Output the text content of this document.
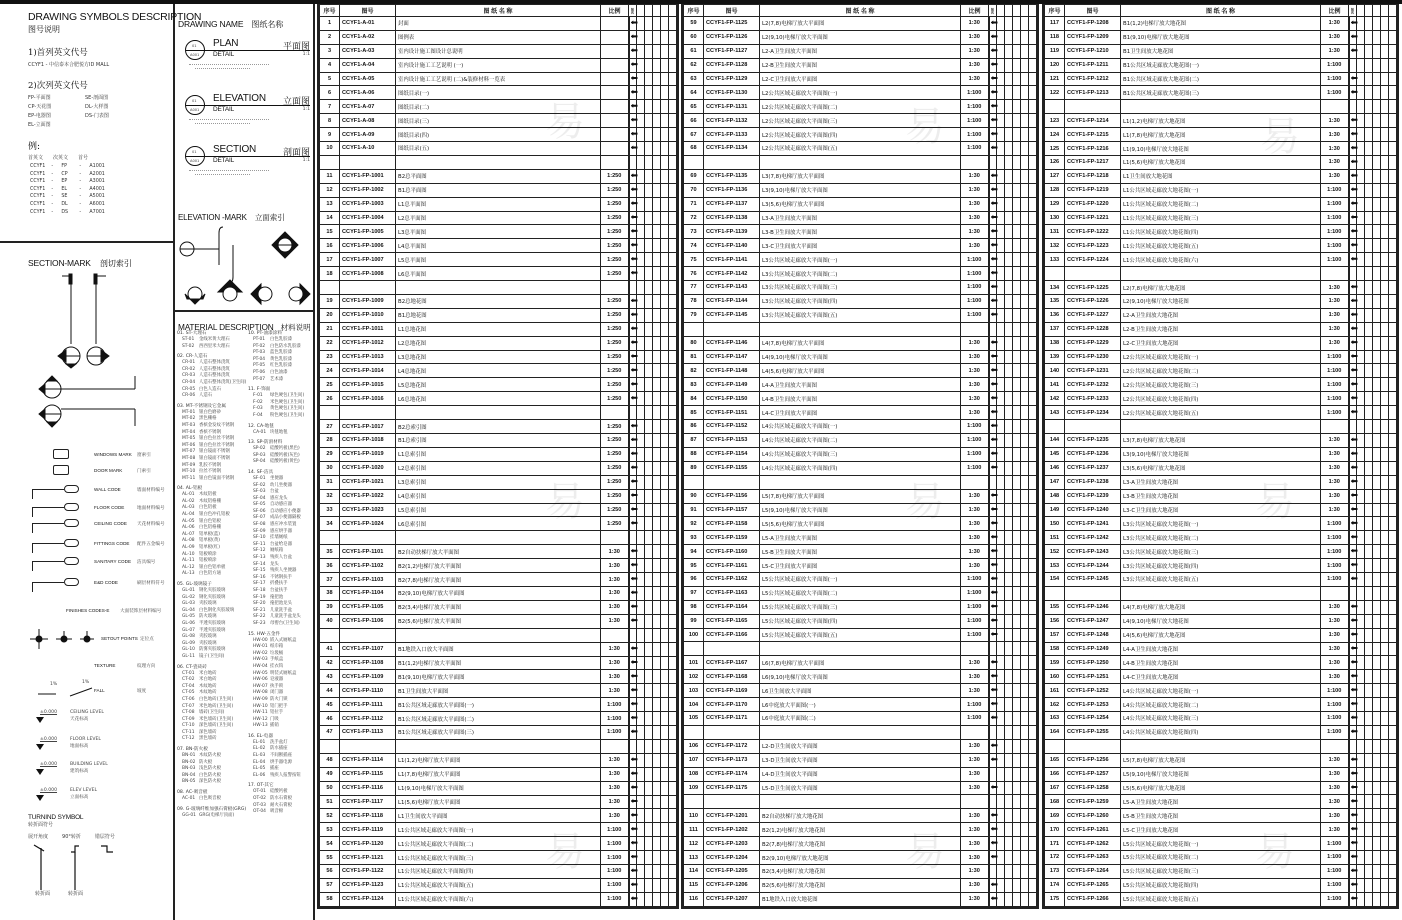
DRAWING SYMBOLS DESCRIPTION
图号说明
1)首列英文代号
CCYF1 - 中信泰本合肥悦方ID MALL
2)次列英文代号
FP-平面图	SE-剖面图
CP-天花图	DL-大样图
EP-电器图	DS-门表图
EL-立面图
例:
首英文 次英文 首号
CCYF1 -	FP	-	A1001
CCYF1 -	CP	-	A2001
CCYF1 -	EP	-	A3001
CCYF1 -	EL	-	A4001
CCYF1 -	SE	-	A5001
CCYF1 -	DL	-	A6001
CCYF1 -	DS	-	A7001
SECTION-MARK 剖切索引
WINDOWS MARK 窗索引
DOOR MARK	门索引
WALL CODE	墙面材料编号
FLOOR CODE	地面材料编号
CEILING CODE 天花材料编号
FITTINGS CODE 配件五金编号
SANITARY CODE 洁具编号
E&D CODE	刷层材料符号
FINISHES CODES-E 大面装饰层材料编号
SETOUT POINTS 定位点
TEXTURE	纹理方向
1%	1%
FALL	坡度
±0.000	CEILING LEVEL
天花标高
±0.000	FLOOR LEVEL
地面标高
±0.000	BUILDING LEVEL
建筑标高
±0.000	ELEV LEVEL
立面标高
TURNIND SYMBOL
转折面符号
展开角度	90°转折	错层符号
转折面	转折面
DRAWING NAME 图纸名称
01
A001
PLAN	平面图
DETAIL	1:1
01
A001
ELEVATION 立面图
DETAIL	1:1
01
A001
SECTION	剖面图
DETAIL	1:1
ELEVATION -MARK 立面索引
MATERIAL DESCRIPTION 材料说明
01. ST-大理石
ST-01 金线米黄大理石
ST-02 西西里米大理石
02. CR-人造石
CR-01 人造石整体浇筑
CR-02 人造石整体浇筑
CR-03 人造石整体浇筑
CR-04 人造石整体浇筑(卫生间)
CR-05 白色人造石
CR-06 人造石
03. MT-不锈钢及它金属
MT-01 银白色磨砂
MT-02 黑色栅格
MT-03 香槟金发纹不锈钢
MT-04 香槟不锈钢
MT-05 银白色拉丝不锈钢
MT-06 银白色拉丝不锈钢
MT-07 银白镜面不锈钢
MT-08 银白镜面不锈钢
MT-09 乳胶不锈钢
MT-10 拉丝不锈钢
MT-11 银白色镜面不锈钢
04. AL-铝板
AL-01 木纹铝板
AL-02 木纹铝格栅
AL-03 白色铝板
AL-04 银白色冲孔铝板
AL-05 银白色铝板
AL-06 白色铝格栅
AL-07 铝单板(蓝)
AL-08 铝单板(黄)
AL-09 铝单板(红)
AL-10 铝板喷涂
AL-11 铝板喷涂
AL-12 银白色铝单板
AL-13 白色铝方通
05. GL-玻璃镜子
GL-01 钢化夹胶玻璃
GL-02 钢化夹胶玻璃
GL-03 夹胶玻璃
GL-04 白色钢化夹胶玻璃
GL-05 防火玻璃
GL-06 半透夹胶玻璃
GL-07 半透夹胶玻璃
GL-08 夹胶玻璃
GL-09 夹胶玻璃
GL-10 防雾夹胶玻璃
GL-11 镜子(卫生间)
06. CT-瓷砖砖
CT-01 米白地砖
CT-02 米白地砖
CT-04 木纹地砖
CT-05 木纹地砖
CT-06 白色地砖(卫生间)
CT-07 米色地砖(卫生间)
CT-08 墙砖(卫生间)
CT-09 米色墙砖(卫生间)
CT-10 深色墙砖(卫生间)
CT-11 深色墙砖
CT-12 黑色墙砖
07. BN-防火板
BN-01 木纹防火板
BN-02 防火板
BN-03 浅色防火板
BN-04 白色防火板
BN-05 深色防火板
08. AC-吸音板
AC-01 白色吸音板
09. G-玻璃纤维加强石膏板(GRG)
GG-01 GRG(电梯厅顶面)
10. PT-油漆涂料
PT-01 白色乳胶漆
PT-02 白色防水乳胶漆
PT-03 蓝色乳胶漆
PT-04 黄色乳胶漆
PT-05 红色乳胶漆
PT-06 白色油漆
PT-07 艺术漆
11. F-饰面
F-01 绿色硬包(卫生间)
F-02 米色硬包(卫生间)
F-03 黄色硬包(卫生间)
F-04 粉色硬包(卫生间)
12. CA-地毯
CA-01 块毯地毯
13. SP-防滑材料
SP-02 硅酸钙板(黑色)
SP-03 硅酸钙板(灰色)
SP-04 硅酸钙板(黄色)
14. SF-洁具
SF-01 坐便器
SF-02 幼儿坐便器
SF-03 台盆
SF-04 感应龙头
SF-05 自动感应器
SF-06 自动感应小便器
SF-07 成品小便器隔板
SF-08 感应冲水装置
SF-09 感应烘手器
SF-10 挂墙厕纸
SF-11 台盆给皂器
SF-12 厕纸箱
SF-13 残疾人台盆
SF-14 龙头
SF-15 残疾人坐便器
SF-16 不锈钢扶手
SF-17 折叠扶手
SF-18 台盆扶手
SF-19 拖把池
SF-20 拖把池龙头
SF-21 儿童洗手盆
SF-22 儿童洗手盆龙头
SF-23 母婴台(卫生间)
15. HW-五金件
HW-00 嵌入式厕纸盒
HW-01 纸巾箱
HW-02 垃圾桶
HW-03 手纸盒
HW-04 挂衣钩
HW-05 明装式厕纸盒
HW-06 皂液器
HW-07 执手锁
HW-08 闭门器
HW-09 防火门锁
HW-10 铝门把手
HW-11 铝拉手
HW-12 门吸
HW-13 插销
16. EL-电器
EL-01 洗手盆灯
EL-02 防水插座
EL-03 不间断插座
EL-04 烘手器电源
EL-05 插座
EL-06 残疾人报警按钮
17. OT-其它
OT-01 硅酸钙板
OT-02 防水石膏板
OT-03 耐火石膏板
OT-04 吸音棉
序号	图号	图 纸 名 称	比例	版次					
1	CCYF1-A-01	封面							
2	CCYF1-A-02	图例表							
3	CCYF1-A-03	室内设计施工图设计总说明							
4	CCYF1-A-04	室内设计施工工艺说明 (一)							
5	CCYF1-A-05	室内设计施工工艺说明 (二)&装修材料一览表							
6	CCYF1-A-06	图纸目录(一)							
7	CCYF1-A-07	图纸目录(二)							
8	CCYF1-A-08	图纸目录(三)							
9	CCYF1-A-09	图纸目录(四)							
10	CCYF1-A-10	图纸目录(五)							

11	CCYF1-FP-1001	B2总平面图	1:250						
12	CCYF1-FP-1002	B1总平面图	1:250						
13	CCYF1-FP-1003	L1总平面图	1:250						
14	CCYF1-FP-1004	L2总平面图	1:250						
15	CCYF1-FP-1005	L3总平面图	1:250						
16	CCYF1-FP-1006	L4总平面图	1:250						
17	CCYF1-FP-1007	L5总平面图	1:250						
18	CCYF1-FP-1008	L6总平面图	1:250						

19	CCYF1-FP-1009	B2总地花图	1:250						
20	CCYF1-FP-1010	B1总地花图	1:250						
21	CCYF1-FP-1011	L1总地花图	1:250						
22	CCYF1-FP-1012	L2总地花图	1:250						
23	CCYF1-FP-1013	L3总地花图	1:250						
24	CCYF1-FP-1014	L4总地花图	1:250						
25	CCYF1-FP-1015	L5总地花图	1:250						
26	CCYF1-FP-1016	L6总地花图	1:250						

27	CCYF1-FP-1017	B2总索引图	1:250						
28	CCYF1-FP-1018	B1总索引图	1:250						
29	CCYF1-FP-1019	L1总索引图	1:250						
30	CCYF1-FP-1020	L2总索引图	1:250						
31	CCYF1-FP-1021	L3总索引图	1:250						
32	CCYF1-FP-1022	L4总索引图	1:250						
33	CCYF1-FP-1023	L5总索引图	1:250						
34	CCYF1-FP-1024	L6总索引图	1:250						

35	CCYF1-FP-1101	B2自动扶梯厅放大平面图	1:30						
36	CCYF1-FP-1102	B2(1,2)电梯厅放大平面图	1:30						
37	CCYF1-FP-1103	B2(7,8)电梯厅放大平面图	1:30						
38	CCYF1-FP-1104	B2(9,10)电梯厅放大平面图	1:30						
39	CCYF1-FP-1105	B2(3,4)电梯厅放大平面图	1:30						
40	CCYF1-FP-1106	B2(5,6)电梯厅放大平面图	1:30						

41	CCYF1-FP-1107	B1地铁入口放大平面图	1:30						
42	CCYF1-FP-1108	B1(1,2)电梯厅放大平面图	1:30						
43	CCYF1-FP-1109	B1(9,10)电梯厅放大平面图	1:30						
44	CCYF1-FP-1110	B1卫生间放大平面图	1:30						
45	CCYF1-FP-1111	B1公共区域走廊放大平面图(一)	1:100						
46	CCYF1-FP-1112	B1公共区域走廊放大平面图(二)	1:100						
47	CCYF1-FP-1113	B1公共区域走廊放大平面图(三)	1:100						

48	CCYF1-FP-1114	L1(1,2)电梯厅放大平面图	1:30						
49	CCYF1-FP-1115	L1(7,8)电梯厅放大平面图	1:30						
50	CCYF1-FP-1116	L1(9,10)电梯厅放大平面图	1:30						
51	CCYF1-FP-1117	L1(5,6)电梯厅放大平面图	1:30						
52	CCYF1-FP-1118	L1卫生间放大平面图	1:30						
53	CCYF1-FP-1119	L1公共区域走廊放大平面图(一)	1:100						
54	CCYF1-FP-1120	L1公共区域走廊放大平面图(二)	1:100						
55	CCYF1-FP-1121	L1公共区域走廊放大平面图(三)	1:100						
56	CCYF1-FP-1122	L1公共区域走廊放大平面图(四)	1:100						
57	CCYF1-FP-1123	L1公共区域走廊放大平面图(五)	1:100						
58	CCYF1-FP-1124	L1公共区域走廊放大平面图(六)	1:100						
序号	图号	图 纸 名 称	比例	版次					
59	CCYF1-FP-1125	L2(7,8)电梯厅放大平面图	1:30						
60	CCYF1-FP-1126	L2(9,10)电梯厅放大平面图	1:30						
61	CCYF1-FP-1127	L2-A卫生间放大平面图	1:30						
62	CCYF1-FP-1128	L2-B卫生间放大平面图	1:30						
63	CCYF1-FP-1129	L2-C卫生间放大平面图	1:30						
64	CCYF1-FP-1130	L2公共区域走廊放大平面图(一)	1:100						
65	CCYF1-FP-1131	L2公共区域走廊放大平面图(二)	1:100						
66	CCYF1-FP-1132	L2公共区域走廊放大平面图(三)	1:100						
67	CCYF1-FP-1133	L2公共区域走廊放大平面图(四)	1:100						
68	CCYF1-FP-1134	L2公共区域走廊放大平面图(五)	1:100						

69	CCYF1-FP-1135	L3(7,8)电梯厅放大平面图	1:30						
70	CCYF1-FP-1136	L3(9,10)电梯厅放大平面图	1:30						
71	CCYF1-FP-1137	L3(5,6)电梯厅放大平面图	1:30						
72	CCYF1-FP-1138	L3-A卫生间放大平面图	1:30						
73	CCYF1-FP-1139	L3-B卫生间放大平面图	1:30						
74	CCYF1-FP-1140	L3-C卫生间放大平面图	1:30						
75	CCYF1-FP-1141	L3公共区域走廊放大平面图(一)	1:100						
76	CCYF1-FP-1142	L3公共区域走廊放大平面图(二)	1:100						
77	CCYF1-FP-1143	L3公共区域走廊放大平面图(三)	1:100						
78	CCYF1-FP-1144	L3公共区域走廊放大平面图(四)	1:100						
79	CCYF1-FP-1145	L3公共区域走廊放大平面图(五)	1:100						

80	CCYF1-FP-1146	L4(7,8)电梯厅放大平面图	1:30						
81	CCYF1-FP-1147	L4(9,10)电梯厅放大平面图	1:30						
82	CCYF1-FP-1148	L4(5,6)电梯厅放大平面图	1:30						
83	CCYF1-FP-1149	L4-A卫生间放大平面图	1:30						
84	CCYF1-FP-1150	L4-B卫生间放大平面图	1:30						
85	CCYF1-FP-1151	L4-C卫生间放大平面图	1:30						
86	CCYF1-FP-1152	L4公共区域走廊放大平面图(一)	1:100						
87	CCYF1-FP-1153	L4公共区域走廊放大平面图(二)	1:100						
88	CCYF1-FP-1154	L4公共区域走廊放大平面图(三)	1:100						
89	CCYF1-FP-1155	L4公共区域走廊放大平面图(四)	1:100						

90	CCYF1-FP-1156	L5(7,8)电梯厅放大平面图	1:30						
91	CCYF1-FP-1157	L5(9,10)电梯厅放大平面图	1:30						
92	CCYF1-FP-1158	L5(5,6)电梯厅放大平面图	1:30						
93	CCYF1-FP-1159	L5-A卫生间放大平面图	1:30						
94	CCYF1-FP-1160	L5-B卫生间放大平面图	1:30						
95	CCYF1-FP-1161	L5-C卫生间放大平面图	1:30						
96	CCYF1-FP-1162	L5公共区域走廊放大平面图(一)	1:100						
97	CCYF1-FP-1163	L5公共区域走廊放大平面图(二)	1:100						
98	CCYF1-FP-1164	L5公共区域走廊放大平面图(三)	1:100						
99	CCYF1-FP-1165	L5公共区域走廊放大平面图(四)	1:100						
100	CCYF1-FP-1166	L5公共区域走廊放大平面图(五)	1:100						

101	CCYF1-FP-1167	L6(7,8)电梯厅放大平面图	1:30						
102	CCYF1-FP-1168	L6(9,10)电梯厅放大平面图	1:30						
103	CCYF1-FP-1169	L6卫生间放大平面图	1:30						
104	CCYF1-FP-1170	L6中庭放大平面图(一)	1:100						
105	CCYF1-FP-1171	L6中庭放大平面图(二)	1:100						

106	CCYF1-FP-1172	L2-D卫生间放大平面图	1:30						
107	CCYF1-FP-1173	L3-D卫生间放大平面图	1:30						
108	CCYF1-FP-1174	L4-D卫生间放大平面图	1:30						
109	CCYF1-FP-1175	L5-D卫生间放大平面图	1:30						

110	CCYF1-FP-1201	B2自动扶梯厅放大地花图	1:30						
111	CCYF1-FP-1202	B2(1,2)电梯厅放大地花图	1:30						
112	CCYF1-FP-1203	B2(7,8)电梯厅放大地花图	1:30						
113	CCYF1-FP-1204	B2(9,10)电梯厅放大地花图	1:30						
114	CCYF1-FP-1205	B2(3,4)电梯厅放大地花图	1:30						
115	CCYF1-FP-1206	B2(5,6)电梯厅放大地花图	1:30						
116	CCYF1-FP-1207	B1地铁入口放大地花图	1:30						
序号	图号	图 纸 名 称	比例	版次					
117	CCYF1-FP-1208	B1(1,2)电梯厅放大地花图	1:30						
118	CCYF1-FP-1209	B1(9,10)电梯厅放大地花图	1:30						
119	CCYF1-FP-1210	B1卫生间放大地花图	1:30						
120	CCYF1-FP-1211	B1公共区域走廊放大地花图(一)	1:100						
121	CCYF1-FP-1212	B1公共区域走廊放大地花图(二)	1:100						
122	CCYF1-FP-1213	B1公共区域走廊放大地花图(三)	1:100						

123	CCYF1-FP-1214	L1(1,2)电梯厅放大地花图	1:30						
124	CCYF1-FP-1215	L1(7,8)电梯厅放大地花图	1:30						
125	CCYF1-FP-1216	L1(9,10)电梯厅放大地花图	1:30						
126	CCYF1-FP-1217	L1(5,6)电梯厅放大地花图	1:30						
127	CCYF1-FP-1218	L1卫生间放大地花图	1:30						
128	CCYF1-FP-1219	L1公共区域走廊放大地花图(一)	1:100						
129	CCYF1-FP-1220	L1公共区域走廊放大地花图(二)	1:100						
130	CCYF1-FP-1221	L1公共区域走廊放大地花图(三)	1:100						
131	CCYF1-FP-1222	L1公共区域走廊放大地花图(四)	1:100						
132	CCYF1-FP-1223	L1公共区域走廊放大地花图(五)	1:100						
133	CCYF1-FP-1224	L1公共区域走廊放大地花图(六)	1:100						

134	CCYF1-FP-1225	L2(7,8)电梯厅放大地花图	1:30						
135	CCYF1-FP-1226	L2(9,10)电梯厅放大地花图	1:30						
136	CCYF1-FP-1227	L2-A卫生间放大地花图	1:30						
137	CCYF1-FP-1228	L2-B卫生间放大地花图	1:30						
138	CCYF1-FP-1229	L2-C卫生间放大地花图	1:30						
139	CCYF1-FP-1230	L2公共区域走廊放大地花图(一)	1:100						
140	CCYF1-FP-1231	L2公共区域走廊放大地花图(二)	1:100						
141	CCYF1-FP-1232	L2公共区域走廊放大地花图(三)	1:100						
142	CCYF1-FP-1233	L2公共区域走廊放大地花图(四)	1:100						
143	CCYF1-FP-1234	L2公共区域走廊放大地花图(五)	1:100						

144	CCYF1-FP-1235	L3(7,8)电梯厅放大地花图	1:30						
145	CCYF1-FP-1236	L3(9,10)电梯厅放大地花图	1:30						
146	CCYF1-FP-1237	L3(5,6)电梯厅放大地花图	1:30						
147	CCYF1-FP-1238	L3-A卫生间放大地花图	1:30						
148	CCYF1-FP-1239	L3-B卫生间放大地花图	1:30						
149	CCYF1-FP-1240	L3-C卫生间放大地花图	1:30						
150	CCYF1-FP-1241	L3公共区域走廊放大地花图(一)	1:100						
151	CCYF1-FP-1242	L3公共区域走廊放大地花图(二)	1:100						
152	CCYF1-FP-1243	L3公共区域走廊放大地花图(三)	1:100						
153	CCYF1-FP-1244	L3公共区域走廊放大地花图(四)	1:100						
154	CCYF1-FP-1245	L3公共区域走廊放大地花图(五)	1:100						

155	CCYF1-FP-1246	L4(7,8)电梯厅放大地花图	1:30						
156	CCYF1-FP-1247	L4(9,10)电梯厅放大地花图	1:30						
157	CCYF1-FP-1248	L4(5,6)电梯厅放大地花图	1:30						
158	CCYF1-FP-1249	L4-A卫生间放大地花图	1:30						
159	CCYF1-FP-1250	L4-B卫生间放大地花图	1:30						
160	CCYF1-FP-1251	L4-C卫生间放大地花图	1:30						
161	CCYF1-FP-1252	L4公共区域走廊放大地花图(一)	1:100						
162	CCYF1-FP-1253	L4公共区域走廊放大地花图(二)	1:100						
163	CCYF1-FP-1254	L4公共区域走廊放大地花图(三)	1:100						
164	CCYF1-FP-1255	L4公共区域走廊放大地花图(四)	1:100						

165	CCYF1-FP-1256	L5(7,8)电梯厅放大地花图	1:30						
166	CCYF1-FP-1257	L5(9,10)电梯厅放大地花图	1:30						
167	CCYF1-FP-1258	L5(5,6)电梯厅放大地花图	1:30						
168	CCYF1-FP-1259	L5-A卫生间放大地花图	1:30						
169	CCYF1-FP-1260	L5-B卫生间放大地花图	1:30						
170	CCYF1-FP-1261	L5-C卫生间放大地花图	1:30						
171	CCYF1-FP-1262	L5公共区域走廊放大地花图(一)	1:100						
172	CCYF1-FP-1263	L5公共区域走廊放大地花图(二)	1:100						
173	CCYF1-FP-1264	L5公共区域走廊放大地花图(三)	1:100						
174	CCYF1-FP-1265	L5公共区域走廊放大地花图(四)	1:100						
175	CCYF1-FP-1266	L5公共区域走廊放大地花图(五)	1:100						
易	易	易
易	易	易
易	易	易
